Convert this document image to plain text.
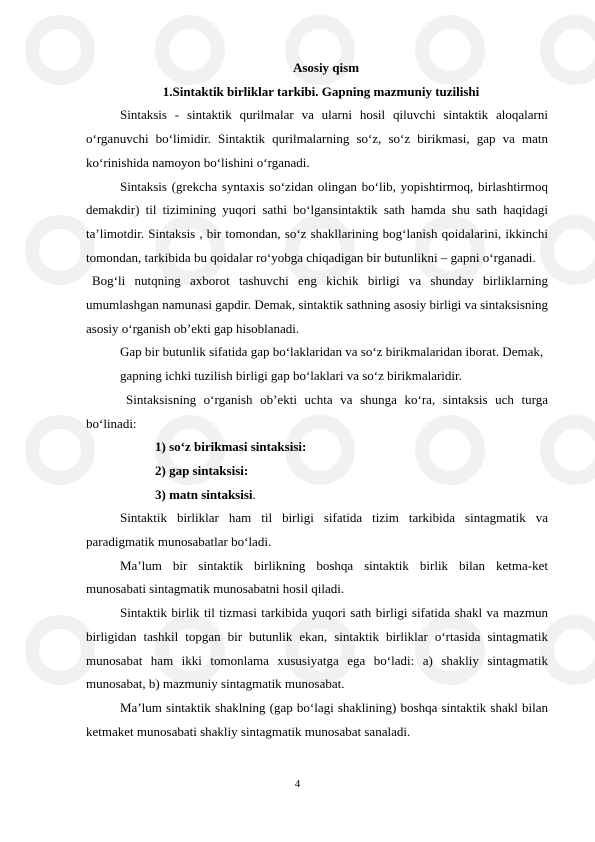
Asosiy qism

1.Sintaktik birliklar tarkibi. Gapning mazmuniy tuzilishi

Sintaksis - sintaktik qurilmalar va ularni hosil qiluvchi sintaktik aloqalarni o‘rganuvchi bo‘limidir. Sintaktik qurilmalarning so‘z, so‘z birikmasi, gap va matn ko‘rinishida namoyon bo‘lishini o‘rganadi.

Sintaksis (grekcha syntaxis so‘zidan olingan bo‘lib, yopishtirmoq, birlashtirmoq demakdir) til tizimining yuqori sathi bo‘lgansintaktik sath hamda shu sath haqidagi ta’limotdir. Sintaksis , bir tomondan, so‘z shakllarining bog‘lanish qoidalarini, ikkinchi tomondan, tarkibida bu qoidalar ro‘yobga chiqadigan bir butunlikni – gapni o‘rganadi.

Bog‘li nutqning axborot tashuvchi eng kichik birligi va shunday birliklarning umumlashgan namunasi gapdir. Demak, sintaktik sathning asosiy birligi va sintaksisning asosiy o‘rganish ob’ekti gap hisoblanadi.

Gap bir butunlik sifatida gap bo‘laklaridan va so‘z birikmalaridan iborat. Demak, gapning ichki tuzilish birligi gap bo‘laklari va so‘z birikmalaridir.

Sintaksisning o‘rganish ob’ekti uchta va shunga ko‘ra, sintaksis uch turga bo‘linadi:

1) so‘z birikmasi sintaksisi:

2) gap sintaksisi:

3) matn sintaksisi.

Sintaktik birliklar ham til birligi sifatida tizim tarkibida sintagmatik va paradigmatik munosabatlar bo‘ladi.

Ma’lum bir sintaktik birlikning boshqa sintaktik birlik bilan ketma-ket munosabati sintagmatik munosabatni hosil qiladi.

Sintaktik birlik til tizmasi tarkibida yuqori sath birligi sifatida shakl va mazmun birligidan tashkil topgan bir butunlik ekan, sintaktik birliklar o‘rtasida sintagmatik munosabat ham ikki tomonlama xususiyatga ega bo‘ladi: a) shakliy sintagmatik munosabat, b) mazmuniy sintagmatik munosabat.

Ma’lum sintaktik shaklning (gap bo‘lagi shaklining) boshqa sintaktik shakl bilan ketmaket munosabati shakliy sintagmatik munosabat sanaladi.

4
